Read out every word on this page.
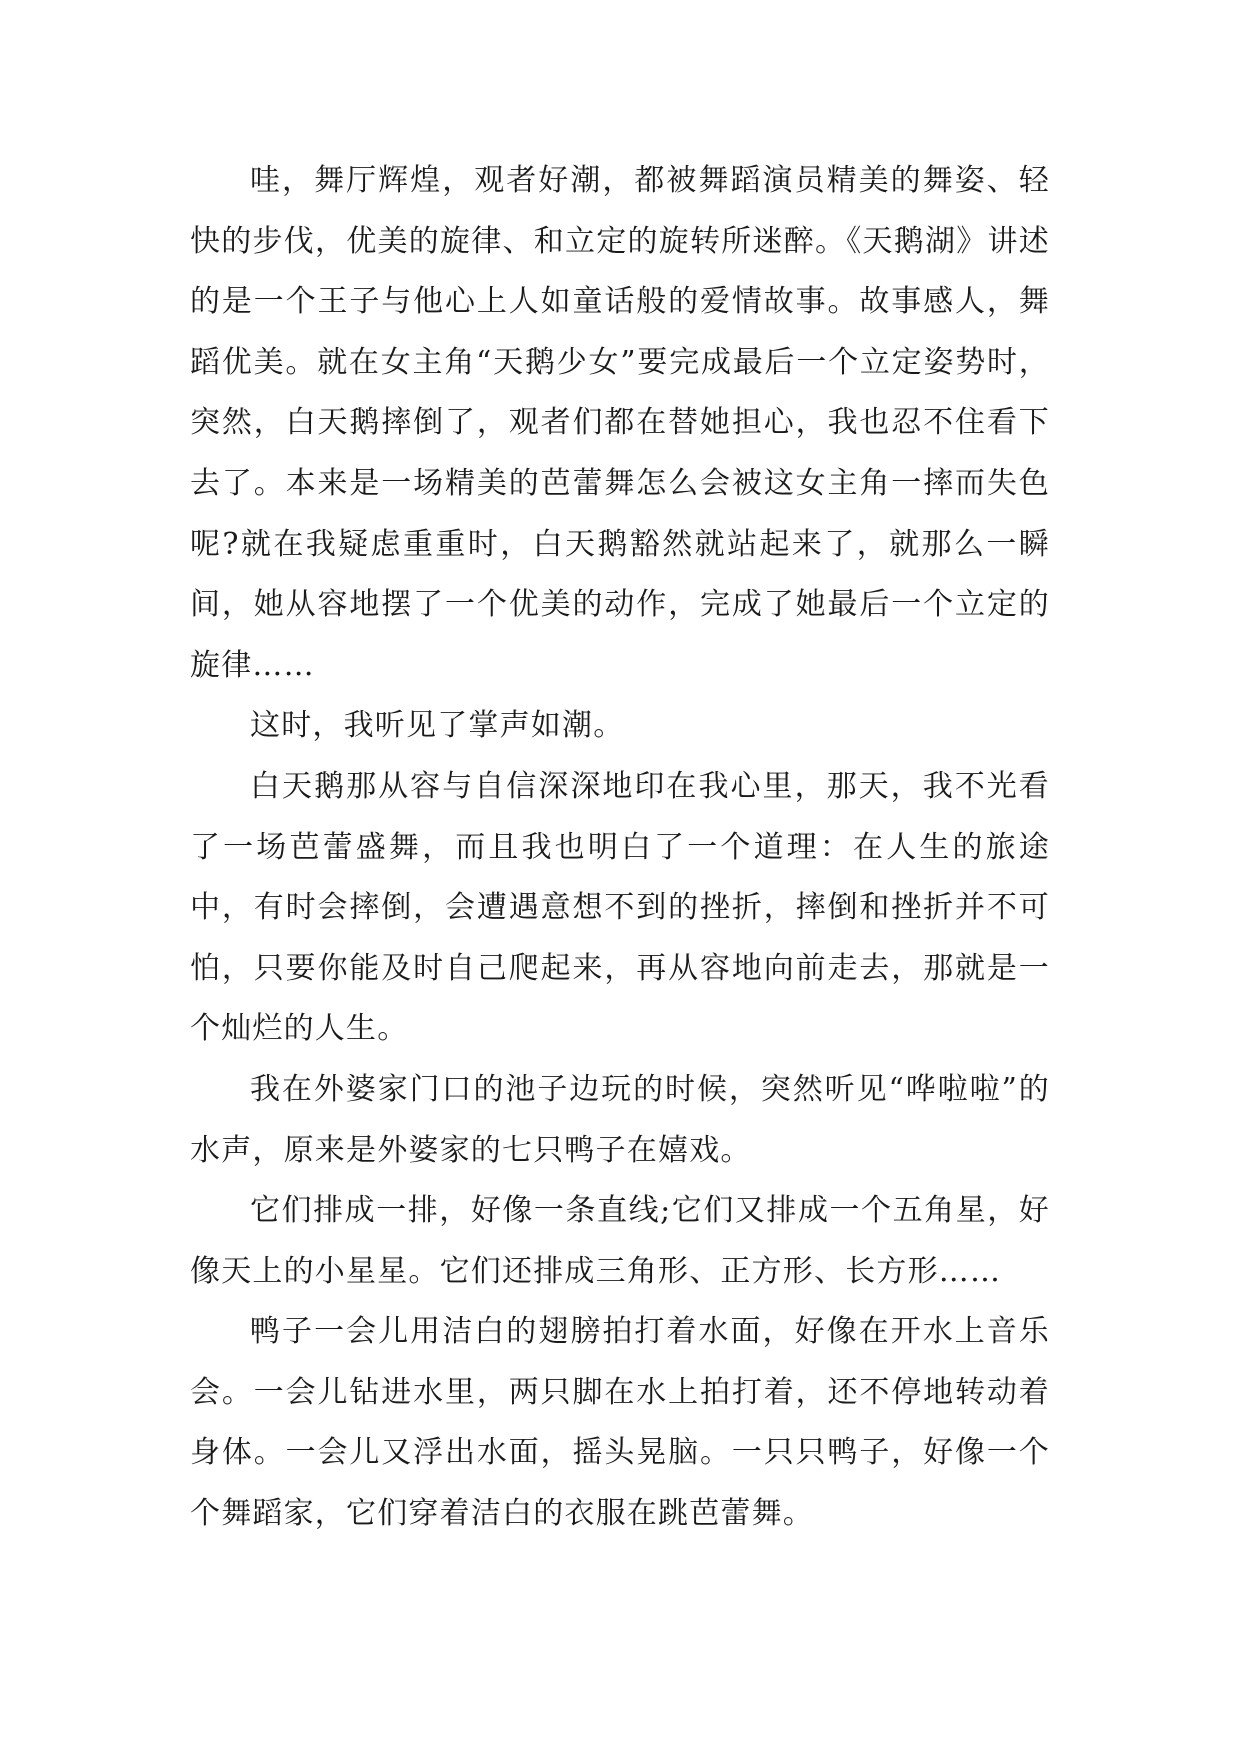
哇，舞厅辉煌，观者好潮，都被舞蹈演员精美的舞姿、轻快的步伐，优美的旋律、和立定的旋转所迷醉。《天鹅湖》讲述的是一个王子与他心上人如童话般的爱情故事。故事感人，舞蹈优美。就在女主角“天鹅少女”要完成最后一个立定姿势时，突然，白天鹅摔倒了，观者们都在替她担心，我也忍不住看下去了。本来是一场精美的芭蕾舞怎么会被这女主角一摔而失色呢?就在我疑虑重重时，白天鹅豁然就站起来了，就那么一瞬间，她从容地摆了一个优美的动作，完成了她最后一个立定的旋律……

这时，我听见了掌声如潮。

白天鹅那从容与自信深深地印在我心里，那天，我不光看了一场芭蕾盛舞，而且我也明白了一个道理：在人生的旅途中，有时会摔倒，会遭遇意想不到的挫折，摔倒和挫折并不可怕，只要你能及时自己爬起来，再从容地向前走去，那就是一个灿烂的人生。

我在外婆家门口的池子边玩的时候，突然听见“哗啦啦”的水声，原来是外婆家的七只鸭子在嬉戏。

它们排成一排，好像一条直线;它们又排成一个五角星，好像天上的小星星。它们还排成三角形、正方形、长方形……

鸭子一会儿用洁白的翅膀拍打着水面，好像在开水上音乐会。一会儿钻进水里，两只脚在水上拍打着，还不停地转动着身体。一会儿又浮出水面，摇头晃脑。一只只鸭子，好像一个个舞蹈家，它们穿着洁白的衣服在跳芭蕾舞。
